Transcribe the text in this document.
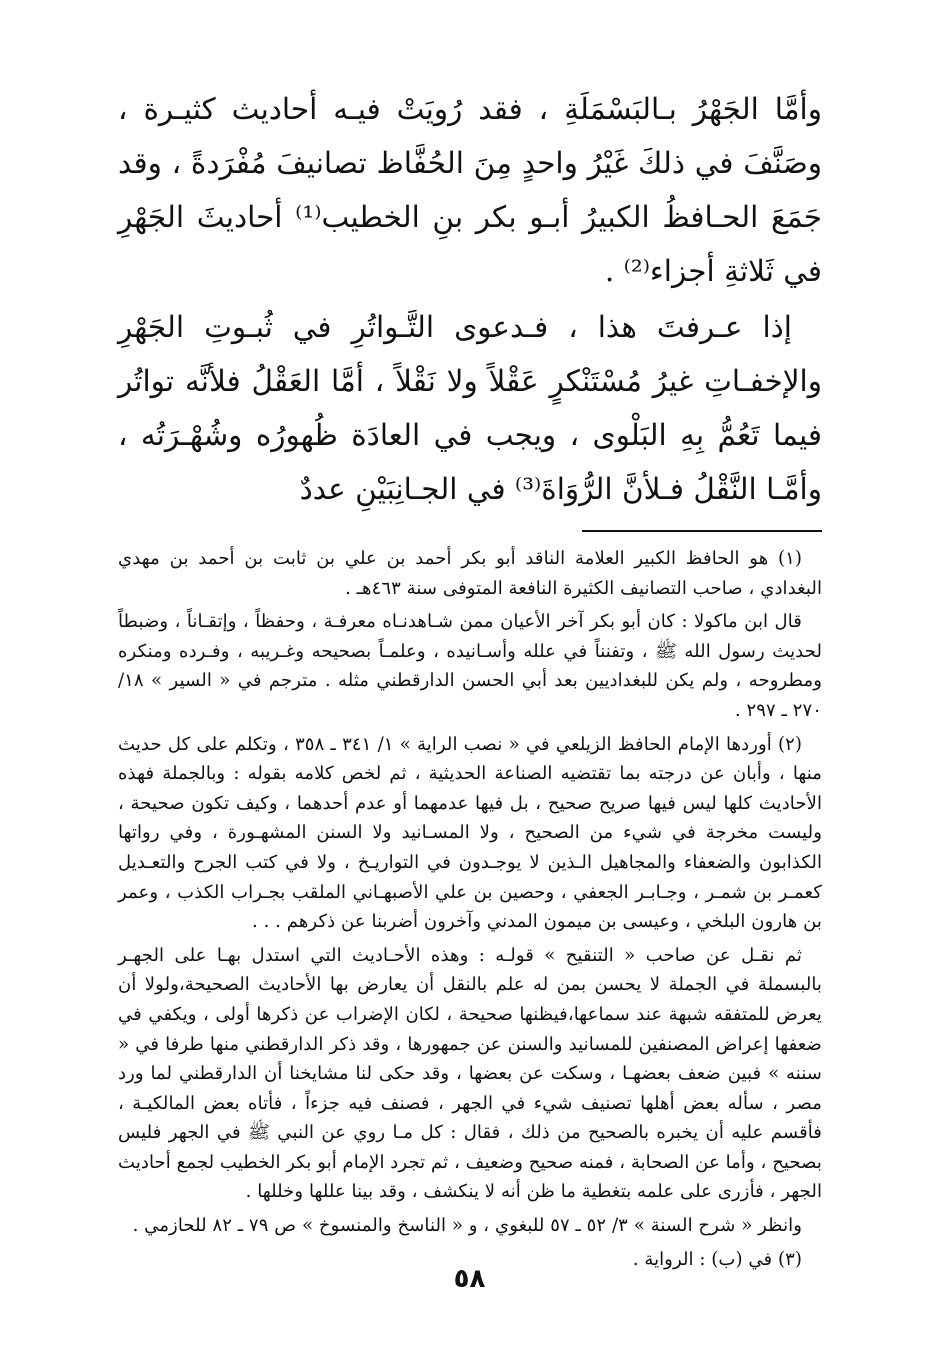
وأمَّا الجَهْرُ بـالبَسْمَلَةِ ، فقد رُويَتْ فيـه أحاديث كثيـرة ، وصَنَّفَ في ذلكَ غَيْرُ واحدٍ مِنَ الحُفَّاظ تصانيفَ مُفْرَدةً ، وقد جَمَعَ الحـافظُ الكبيرُ أبـو بكر بنِ الخطيب⁽¹⁾ أحاديثَ الجَهْرِ في ثَلاثةِ أجزاء⁽²⁾ .

إذا عـرفتَ هذا ، فـدعوى التَّـواتُرِ في ثُبـوتِ الجَهْرِ والإخفـاتِ غيرُ مُسْتَنْكرٍ عَقْلاً ولا نَقْلاً ، أمَّا العَقْلُ فلأنَّه تواتُر فيما تَعُمُّ بِهِ البَلْوى ، ويجب في العادَة ظُهورُه وشُهْـرَتُه ، وأمَّـا النَّقْلُ فـلأنَّ الرُّوَاةَ⁽³⁾ في الجـانِبَيْنِ عددٌ

(١) هو الحافظ الكبير العلامة الناقد أبو بكر أحمد بن علي بن ثابت بن أحمد بن مهدي البغدادي ، صاحب التصانيف الكثيرة النافعة المتوفى سنة ٤٦٣هـ .

قال ابن ماكولا : كان أبو بكر آخر الأعيان ممن شـاهدنـاه معرفـة ، وحفظاً ، وإتقـاناً ، وضبطاً لحديث رسول الله ﷺ ، وتفنناً في علله وأسـانيده ، وعلمـاً بصحيحه وغـريبه ، وفـرده ومنكره ومطروحه ، ولم يكن للبغداديين بعد أبي الحسن الدارقطني مثله . مترجم في « السير » ١٨/ ٢٧٠ ـ ٢٩٧ .

(٢) أوردها الإمام الحافظ الزيلعي في « نصب الراية » ١/ ٣٤١ ـ ٣٥٨ ، وتكلم على كل حديث منها ، وأبان عن درجته بما تقتضيه الصناعة الحديثية ، ثم لخص كلامه بقوله : وبالجملة فهذه الأحاديث كلها ليس فيها صريح صحيح ، بل فيها عدمهما أو عدم أحدهما ، وكيف تكون صحيحة ، وليست مخرجة في شيء من الصحيح ، ولا المسـانيد ولا السنن المشهـورة ، وفي رواتها الكذابون والضعفاء والمجاهيل الـذين لا يوجـدون في التواريـخ ، ولا في كتب الجرح والتعـديل كعمـر بن شمـر ، وجـابـر الجعفي ، وحصين بن علي الأصبهـاني الملقب بجـراب الكذب ، وعمر بن هارون البلخي ، وعيسى بن ميمون المدني وآخرون أضربنا عن ذكرهم . . .

ثم نقـل عن صاحب « التنقيح » قولـه : وهذه الأحـاديث التي استدل بهـا على الجهـر بالبسملة في الجملة لا يحسن بمن له علم بالنقل أن يعارض بها الأحاديث الصحيحة،ولولا أن يعرض للمتفقه شبهة عند سماعها،فيظنها صحيحة ، لكان الإضراب عن ذكرها أولى ، ويكفي في ضعفها إعراض المصنفين للمسانيد والسنن عن جمهورها ، وقد ذكر الدارقطني منها طرفا في « سننه » فبين ضعف بعضهـا ، وسكت عن بعضها ، وقد حكى لنا مشايخنا أن الدارقطني لما ورد مصر ، سأله بعض أهلها تصنيف شيء في الجهر ، فصنف فيه جزءاً ، فأتاه بعض المالكيـة ، فأقسم عليه أن يخبره بالصحيح من ذلك ، فقال : كل مـا روي عن النبي ﷺ في الجهر فليس بصحيح ، وأما عن الصحابة ، فمنه صحيح وضعيف ، ثم تجرد الإمام أبو بكر الخطيب لجمع أحاديث الجهر ، فأزرى على علمه بتغطية ما ظن أنه لا ينكشف ، وقد بينا عللها وخللها .

وانظر « شرح السنة » ٣/ ٥٢ ـ ٥٧ للبغوي ، و « الناسخ والمنسوخ » ص ٧٩ ـ ٨٢ للحازمي .

(٣) في (ب) : الرواية .

٥٨
